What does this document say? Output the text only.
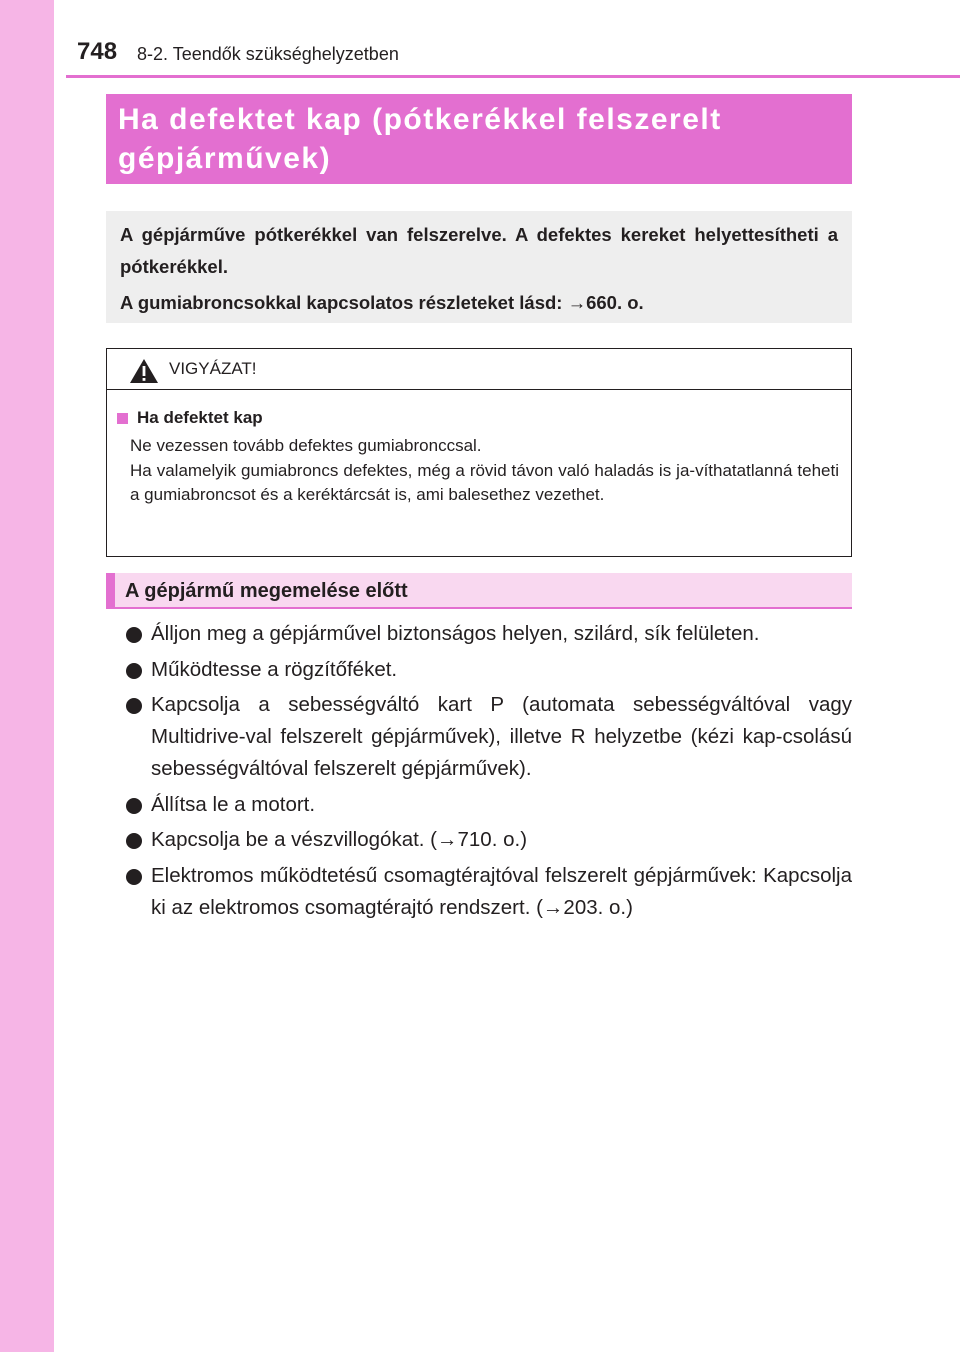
748 8-2. Teendők szükséghelyzetben
Ha defektet kap (pótkerékkel felszerelt gépjárművek)

A gépjárműve pótkerékkel van felszerelve. A defektes kereket helyettesítheti a pótkerékkel.

A gumiabroncsokkal kapcsolatos részleteket lásd: →660. o.

VIGYÁZAT!
Ha defektet kap

Ne vezessen tovább defektes gumiabronccsal.

Ha valamelyik gumiabroncs defektes, még a rövid távon való haladás is ja-víthatatlanná teheti a gumiabroncsot és a keréktárcsát is, ami balesethez vezethet.

A gépjármű megemelése előtt
Álljon meg a gépjárművel biztonságos helyen, szilárd, sík felületen.
Működtesse a rögzítőféket.
Kapcsolja a sebességváltó kart P (automata sebességváltóval vagy Multidrive-val felszerelt gépjárművek), illetve R helyzetbe (kézi kap-csolású sebességváltóval felszerelt gépjárművek).
Állítsa le a motort.
Kapcsolja be a vészvillogókat. (→710. o.)
Elektromos működtetésű csomagtérajtóval felszerelt gépjárművek: Kapcsolja ki az elektromos csomagtérajtó rendszert. (→203. o.)
